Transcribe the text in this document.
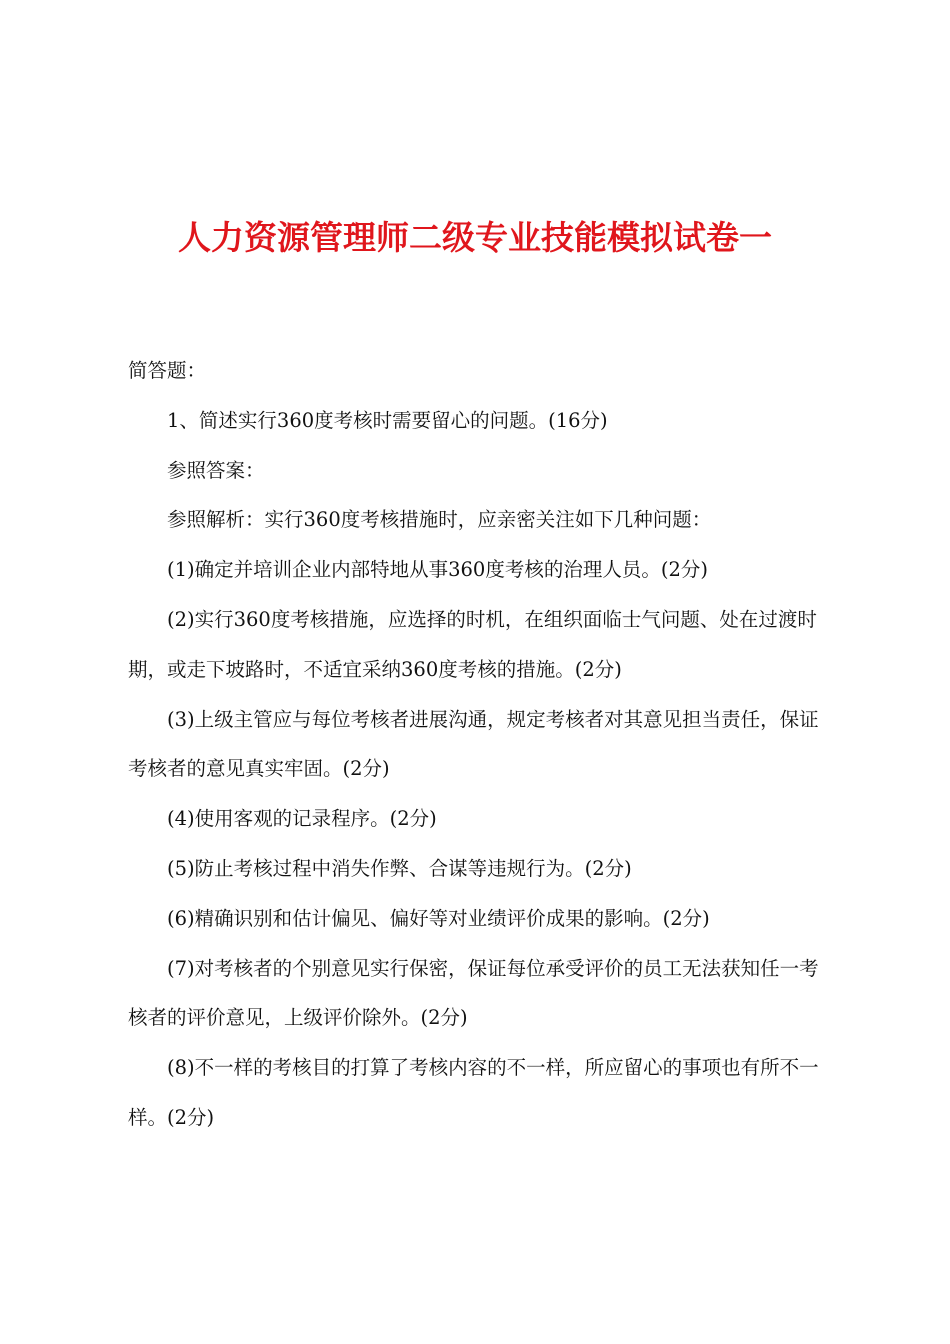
人力资源管理师二级专业技能模拟试卷一

简答题：

1、简述实行360度考核时需要留心的问题。(16分)

参照答案：

参照解析：实行360度考核措施时，应亲密关注如下几种问题：

(1)确定并培训企业内部特地从事360度考核的治理人员。(2分)

(2)实行360度考核措施，应选择的时机，在组织面临士气问题、处在过渡时期，或走下坡路时，不适宜采纳360度考核的措施。(2分)

(3)上级主管应与每位考核者进展沟通，规定考核者对其意见担当责任，保证考核者的意见真实牢固。(2分)

(4)使用客观的记录程序。(2分)

(5)防止考核过程中消失作弊、合谋等违规行为。(2分)

(6)精确识别和估计偏见、偏好等对业绩评价成果的影响。(2分)

(7)对考核者的个别意见实行保密，保证每位承受评价的员工无法获知任一考核者的评价意见，上级评价除外。(2分)

(8)不一样的考核目的打算了考核内容的不一样，所应留心的事项也有所不一样。(2分)
